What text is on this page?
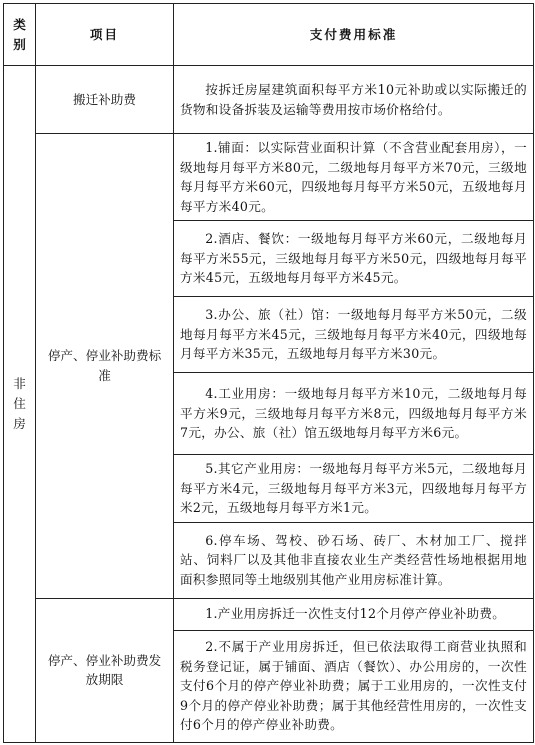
类别	项目	支付费用标准
非住房	搬迁补助费	按拆迁房屋建筑面积每平方米10元补助或以实际搬迁的货物和设备拆装及运输等费用按市场价格给付。
	停产、停业补助费标准	1.铺面：以实际营业面积计算（不含营业配套用房），一级地每月每平方米80元，二级地每月每平方米70元，三级地每月每平方米60元，四级地每月每平方米50元，五级地每月每平方米40元。
		2.酒店、餐饮：一级地每月每平方米60元，二级地每月每平方米55元，三级地每月每平方米50元，四级地每月每平方米45元，五级地每月每平方米45元。
		3.办公、旅（社）馆：一级地每月每平方米50元，二级地每月每平方米45元，三级地每月每平方米40元，四级地每月每平方米35元，五级地每月每平方米30元。
		4.工业用房：一级地每月每平方米10元，二级地每月每平方米9元，三级地每月每平方米8元，四级地每月每平方米7元，办公、旅（社）馆五级地每月每平方米6元。
		5.其它产业用房：一级地每月每平方米5元，二级地每月每平方米4元，三级地每月每平方米3元，四级地每月每平方米2元，五级地每月每平方米1元。
		6.停车场、驾校、砂石场、砖厂、木材加工厂、搅拌站、饲料厂以及其他非直接农业生产类经营性场地根据用地面积参照同等土地级别其他产业用房标准计算。
	停产、停业补助费发放期限	1.产业用房拆迁一次性支付12个月停产停业补助费。
		2.不属于产业用房拆迁，但已依法取得工商营业执照和税务登记证，属于铺面、酒店（餐饮）、办公用房的，一次性支付6个月的停产停业补助费；属于工业用房的，一次性支付9个月的停产停业补助费；属于其他经营性用房的，一次性支付6个月的停产停业补助费。
